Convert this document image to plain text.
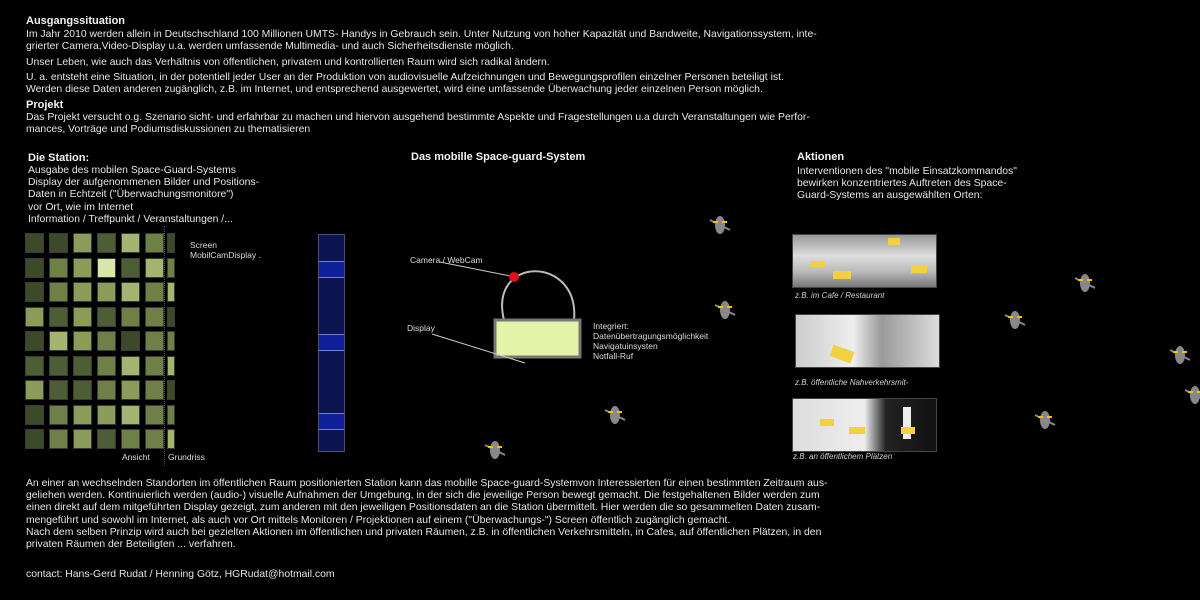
Ausgangssituation
Im Jahr 2010 werden allein in Deutschschland 100 Millionen UMTS- Handys in Gebrauch sein. Unter Nutzung von hoher Kapazität und Bandweite, Navigationssystem, inte-
grierter Camera,Video-Display u.a. werden umfassende Multimedia- und auch Sicherheitsdienste möglich.
Unser Leben, wie auch das Verhältnis von öffentlichen, privatem und kontrollierten Raum wird sich radikal ändern.
U. a. entsteht eine Situation, in der potentiell jeder User an der Produktion von audiovisuelle Aufzeichnungen und Bewegungsprofilen einzelner Personen beteiligt ist.
Werden diese Daten anderen zugänglich, z.B. im Internet, und entsprechend ausgewertet, wird eine umfassende Überwachung jeder einzelnen Person möglich.
Projekt
Das Projekt versucht o.g. Szenario sicht- und erfahrbar zu machen und hiervon ausgehend bestimmte Aspekte und Fragestellungen u.a durch Veranstaltungen wie Perfor-
mances, Vorträge und Podiumsdiskussionen zu thematisieren
Die Station:
Ausgabe des mobilen Space-Guard-Systems
Display der aufgenommenen Bilder und Positions-
Daten in Echtzeit ("Überwachungsmonitore")
vor Ort, wie im Internet
Information / Treffpunkt / Veranstaltungen /...
Screen
MobilCamDisplay .
Ansicht Grundriss
Das mobille Space-guard-System
Camera / WebCam
Display	Integriert:
Datenübertragungsmöglichkeit
Navigatuinsysten
Notfall-Ruf
Aktionen
Interventionen des "mobile Einsatzkommandos"
bewirken konzentriertes Auftreten des Space-
Guard-Systems an ausgewählten Orten:
z.B. im Cafe / Restaurant
z.B. öffentliche Nahverkehrsmit-
z.B. an öffentlichem Plätzen
An einer an wechselnden Standorten im öffentlichen Raum positionierten Station kann das mobille Space-guard-Systemvon Interessierten für einen bestimmten Zeitraum aus-
geliehen werden. Kontinuierlich werden (audio-) visuelle Aufnahmen der Umgebung, in der sich die jeweilige Person bewegt gemacht. Die festgehaltenen Bilder werden zum
einen direkt auf dem mitgeführten Display gezeigt, zum anderen mit den jeweiligen Positionsdaten an die Station übermittelt. Hier werden die so gesammelten Daten zusam-
mengeführt und sowohl im Internet, als auch vor Ort mittels Monitoren / Projektionen auf einem ("Überwachungs-") Screen öffentlich zugänglich gemacht.
Nach dem selben Prinzip wird auch bei gezielten Aktionen im öffentlichen und privaten Räumen, z.B. in öffentlichen Verkehrsmitteln, in Cafes, auf öffentlichen Plätzen, in den
privaten Räumen der Beteiligten ... verfahren.
contact: Hans-Gerd Rudat / Henning Götz, HGRudat@hotmail.com
